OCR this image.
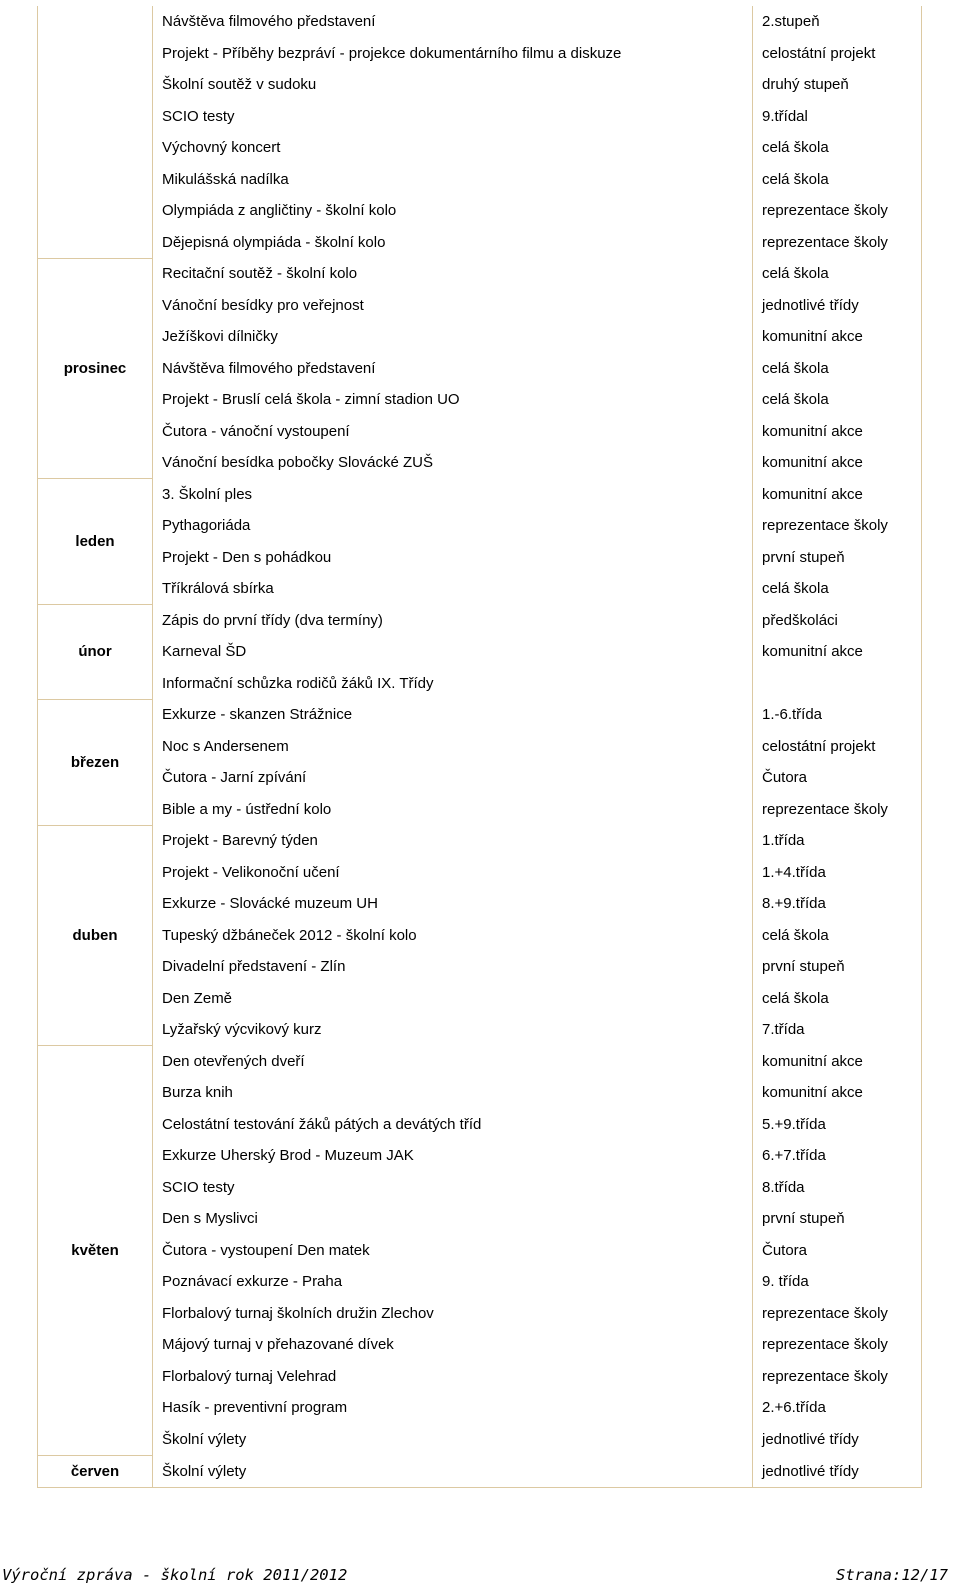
	Návštěva filmového představení	2.stupeň
	Projekt - Příběhy bezpráví - projekce dokumentárního filmu a diskuze	celostátní projekt
	Školní soutěž v sudoku	druhý stupeň
	SCIO testy	9.třídal
	Výchovný koncert	celá škola
	Mikulášská nadílka	celá škola
	Olympiáda z angličtiny - školní kolo	reprezentace školy
	Dějepisná olympiáda - školní kolo	reprezentace školy
prosinec	Recitační soutěž - školní kolo	celá škola
	Vánoční besídky pro veřejnost	jednotlivé třídy
	Ježíškovi dílničky	komunitní akce
	Návštěva filmového představení	celá škola
	Projekt - Bruslí celá škola - zimní stadion UO	celá škola
	Čutora - vánoční vystoupení	komunitní akce
	Vánoční besídka pobočky Slovácké ZUŠ	komunitní akce
leden	3. Školní ples	komunitní akce
	Pythagoriáda	reprezentace školy
	Projekt - Den s pohádkou	první stupeň
	Tříkrálová sbírka	celá škola
únor	Zápis do první třídy (dva termíny)	předškoláci
	Karneval ŠD	komunitní akce
	Informační schůzka rodičů žáků IX. Třídy	
březen	Exkurze - skanzen Strážnice	1.-6.třída
	Noc s Andersenem	celostátní projekt
	Čutora - Jarní zpívání	Čutora
	Bible a my - ústřední kolo	reprezentace školy
duben	Projekt - Barevný týden	1.třída
	Projekt - Velikonoční učení	1.+4.třída
	Exkurze - Slovácké muzeum UH	8.+9.třída
	Tupeský džbáneček 2012 - školní kolo	celá škola
	Divadelní představení - Zlín	první stupeň
	Den Země	celá škola
	Lyžařský výcvikový kurz	7.třída
květen	Den otevřených dveří	komunitní akce
	Burza knih	komunitní akce
	Celostátní testování žáků pátých a devátých tříd	5.+9.třída
	Exkurze Uherský Brod - Muzeum JAK	6.+7.třída
	SCIO testy	8.třída
	Den s Myslivci	první stupeň
	Čutora - vystoupení Den matek	Čutora
	Poznávací exkurze - Praha	9. třída
	Florbalový turnaj školních družin Zlechov	reprezentace školy
	Májový turnaj v přehazované dívek	reprezentace školy
	Florbalový turnaj Velehrad	reprezentace školy
	Hasík - preventivní program	2.+6.třída
	Školní výlety	jednotlivé třídy
červen	Školní výlety	jednotlivé třídy
Výroční zpráva - školní rok 2011/2012	Strana:12/17
